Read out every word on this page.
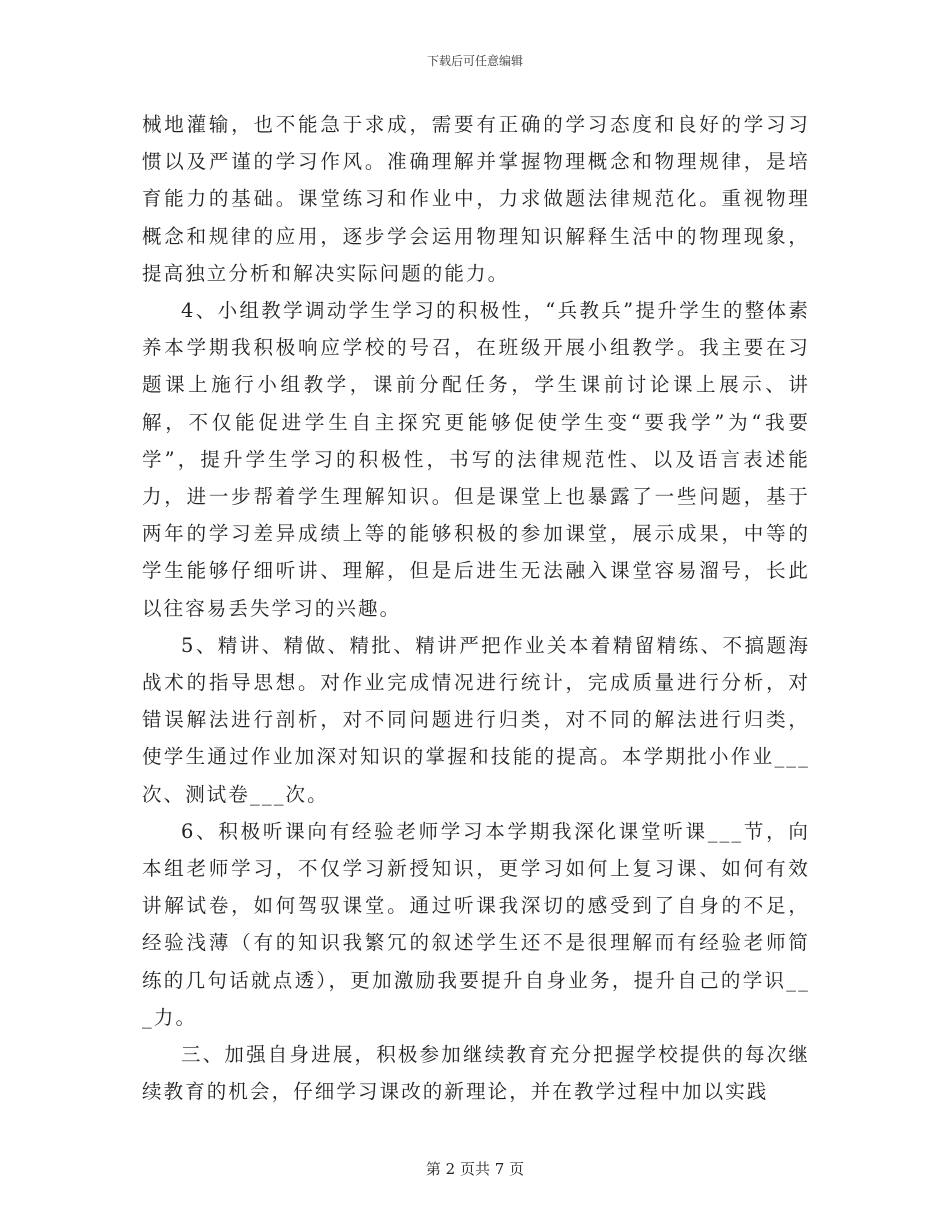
下载后可任意编辑

械地灌输，也不能急于求成，需要有正确的学习态度和良好的学习习惯以及严谨的学习作风。准确理解并掌握物理概念和物理规律，是培育能力的基础。课堂练习和作业中，力求做题法律规范化。重视物理概念和规律的应用，逐步学会运用物理知识解释生活中的物理现象，提高独立分析和解决实际问题的能力。

4、小组教学调动学生学习的积极性，“兵教兵”提升学生的整体素养本学期我积极响应学校的号召，在班级开展小组教学。我主要在习题课上施行小组教学，课前分配任务，学生课前讨论课上展示、讲解，不仅能促进学生自主探究更能够促使学生变“要我学”为“我要学”，提升学生学习的积极性，书写的法律规范性、以及语言表述能力，进一步帮着学生理解知识。但是课堂上也暴露了一些问题，基于两年的学习差异成绩上等的能够积极的参加课堂，展示成果，中等的学生能够仔细听讲、理解，但是后进生无法融入课堂容易溜号，长此以往容易丢失学习的兴趣。

5、精讲、精做、精批、精讲严把作业关本着精留精练、不搞题海战术的指导思想。对作业完成情况进行统计，完成质量进行分析，对错误解法进行剖析，对不同问题进行归类，对不同的解法进行归类，使学生通过作业加深对知识的掌握和技能的提高。本学期批小作业___次、测试卷___次。

6、积极听课向有经验老师学习本学期我深化课堂听课___节，向本组老师学习，不仅学习新授知识，更学习如何上复习课、如何有效讲解试卷，如何驾驭课堂。通过听课我深切的感受到了自身的不足，经验浅薄（有的知识我繁冗的叙述学生还不是很理解而有经验老师简练的几句话就点透），更加激励我要提升自身业务，提升自己的学识___力。

三、加强自身进展，积极参加继续教育充分把握学校提供的每次继续教育的机会，仔细学习课改的新理论，并在教学过程中加以实践

第 2 页共 7 页
